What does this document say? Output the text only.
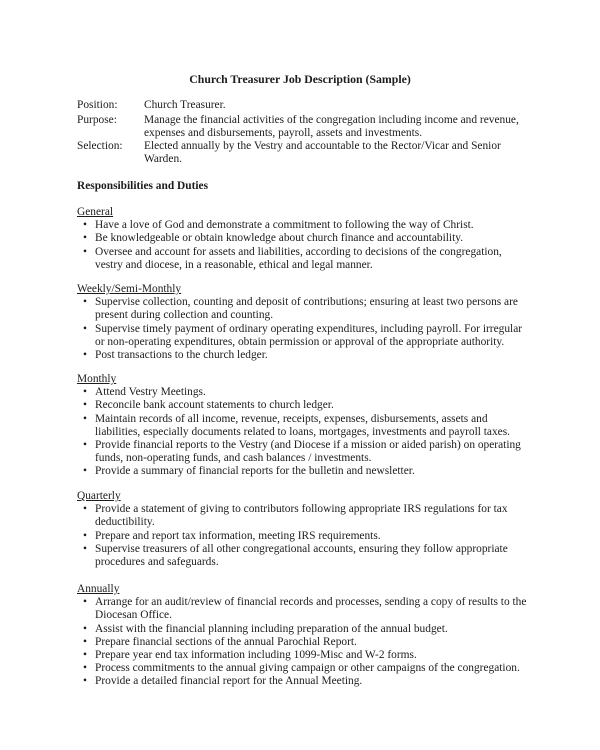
Church Treasurer Job Description (Sample)
Position:	Church Treasurer.
Purpose:	Manage the financial activities of the congregation including income and revenue, expenses and disbursements, payroll, assets and investments.
Selection:	Elected annually by the Vestry and accountable to the Rector/Vicar and Senior Warden.
Responsibilities and Duties
General
• Have a love of God and demonstrate a commitment to following the way of Christ.
• Be knowledgeable or obtain knowledge about church finance and accountability.
• Oversee and account for assets and liabilities, according to decisions of the congregation, vestry and diocese, in a reasonable, ethical and legal manner.
Weekly/Semi-Monthly
• Supervise collection, counting and deposit of contributions; ensuring at least two persons are present during collection and counting.
• Supervise timely payment of ordinary operating expenditures, including payroll. For irregular or non-operating expenditures, obtain permission or approval of the appropriate authority.
• Post transactions to the church ledger.
Monthly
• Attend Vestry Meetings.
• Reconcile bank account statements to church ledger.
• Maintain records of all income, revenue, receipts, expenses, disbursements, assets and liabilities, especially documents related to loans, mortgages, investments and payroll taxes.
• Provide financial reports to the Vestry (and Diocese if a mission or aided parish) on operating funds, non-operating funds, and cash balances / investments.
• Provide a summary of financial reports for the bulletin and newsletter.
Quarterly
• Provide a statement of giving to contributors following appropriate IRS regulations for tax deductibility.
• Prepare and report tax information, meeting IRS requirements.
• Supervise treasurers of all other congregational accounts, ensuring they follow appropriate procedures and safeguards.
Annually
• Arrange for an audit/review of financial records and processes, sending a copy of results to the Diocesan Office.
• Assist with the financial planning including preparation of the annual budget.
• Prepare financial sections of the annual Parochial Report.
• Prepare year end tax information including 1099-Misc and W-2 forms.
• Process commitments to the annual giving campaign or other campaigns of the congregation.
• Provide a detailed financial report for the Annual Meeting.
